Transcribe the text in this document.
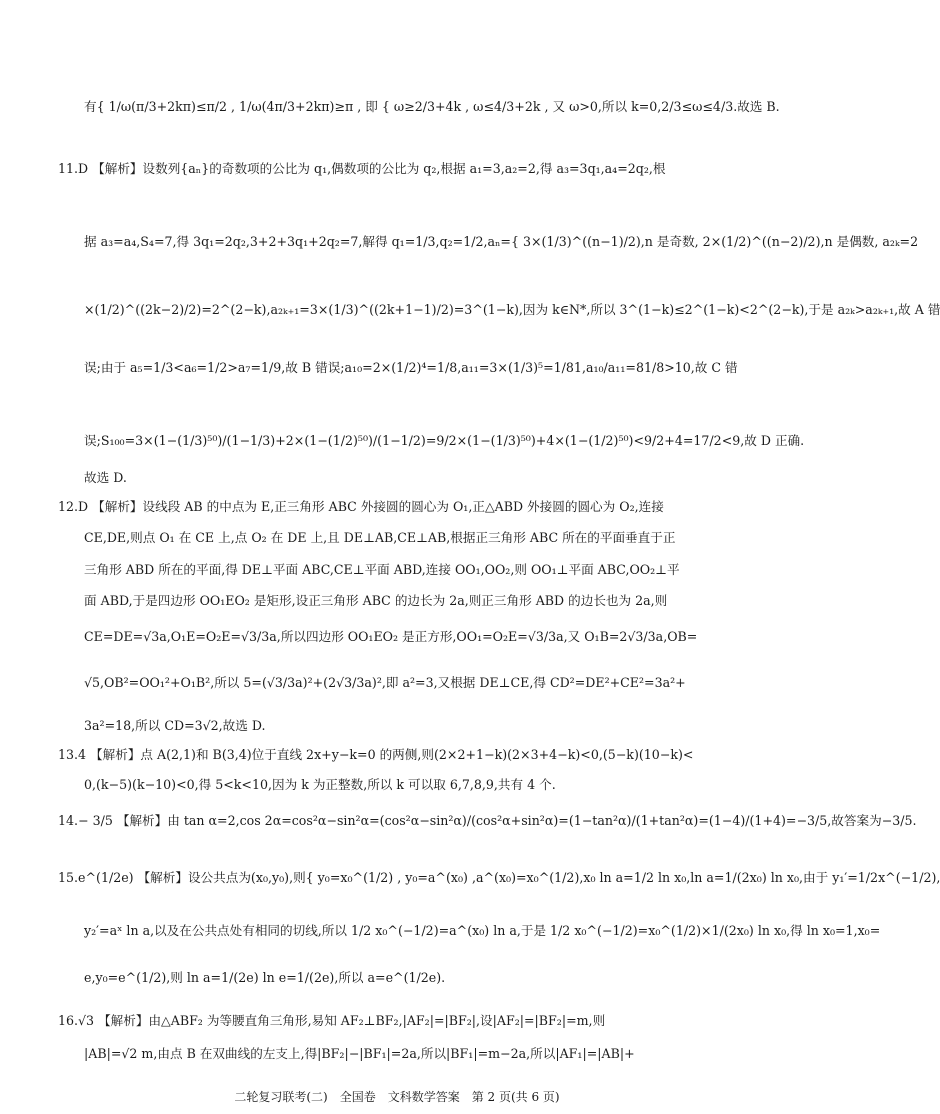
有{ 1/ω(π/3+2kπ)≤π/2 , 1/ω(4π/3+2kπ)≥π , 即 { ω≥2/3+4k , ω≤4/3+2k , 又 ω>0,所以 k=0,2/3≤ω≤4/3.故选 B.
11.D 【解析】设数列{aₙ}的奇数项的公比为 q₁,偶数项的公比为 q₂,根据 a₁=3,a₂=2,得 a₃=3q₁,a₄=2q₂,根
据 a₃=a₄,S₄=7,得 3q₁=2q₂,3+2+3q₁+2q₂=7,解得 q₁=1/3,q₂=1/2,aₙ={ 3×(1/3)^((n−1)/2),n 是奇数, 2×(1/2)^((n−2)/2),n 是偶数, a₂ₖ=2
×(1/2)^((2k−2)/2)=2^(2−k),a₂ₖ₊₁=3×(1/3)^((2k+1−1)/2)=3^(1−k),因为 k∈N*,所以 3^(1−k)≤2^(1−k)<2^(2−k),于是 a₂ₖ>a₂ₖ₊₁,故 A 错
误;由于 a₅=1/3<a₆=1/2>a₇=1/9,故 B 错误;a₁₀=2×(1/2)⁴=1/8,a₁₁=3×(1/3)⁵=1/81,a₁₀/a₁₁=81/8>10,故 C 错
误;S₁₀₀=3×(1−(1/3)⁵⁰)/(1−1/3)+2×(1−(1/2)⁵⁰)/(1−1/2)=9/2×(1−(1/3)⁵⁰)+4×(1−(1/2)⁵⁰)<9/2+4=17/2<9,故 D 正确.
故选 D.
12.D 【解析】设线段 AB 的中点为 E,正三角形 ABC 外接圆的圆心为 O₁,正△ABD 外接圆的圆心为 O₂,连接
CE,DE,则点 O₁ 在 CE 上,点 O₂ 在 DE 上,且 DE⊥AB,CE⊥AB,根据正三角形 ABC 所在的平面垂直于正
三角形 ABD 所在的平面,得 DE⊥平面 ABC,CE⊥平面 ABD,连接 OO₁,OO₂,则 OO₁⊥平面 ABC,OO₂⊥平
面 ABD,于是四边形 OO₁EO₂ 是矩形,设正三角形 ABC 的边长为 2a,则正三角形 ABD 的边长也为 2a,则
CE=DE=√3a,O₁E=O₂E=√3/3a,所以四边形 OO₁EO₂ 是正方形,OO₁=O₂E=√3/3a,又 O₁B=2√3/3a,OB=
√5,OB²=OO₁²+O₁B²,所以 5=(√3/3a)²+(2√3/3a)²,即 a²=3,又根据 DE⊥CE,得 CD²=DE²+CE²=3a²+
3a²=18,所以 CD=3√2,故选 D.
13.4 【解析】点 A(2,1)和 B(3,4)位于直线 2x+y−k=0 的两侧,则(2×2+1−k)(2×3+4−k)<0,(5−k)(10−k)<
0,(k−5)(k−10)<0,得 5<k<10,因为 k 为正整数,所以 k 可以取 6,7,8,9,共有 4 个.
14.− 3/5 【解析】由 tan α=2,cos 2α=cos²α−sin²α=(cos²α−sin²α)/(cos²α+sin²α)=(1−tan²α)/(1+tan²α)=(1−4)/(1+4)=−3/5,故答案为−3/5.
15.e^(1/2e) 【解析】设公共点为(x₀,y₀),则{ y₀=x₀^(1/2) , y₀=a^(x₀) ,a^(x₀)=x₀^(1/2),x₀ ln a=1/2 ln x₀,ln a=1/(2x₀) ln x₀,由于 y₁′=1/2x^(−1/2),
y₂′=aˣ ln a,以及在公共点处有相同的切线,所以 1/2 x₀^(−1/2)=a^(x₀) ln a,于是 1/2 x₀^(−1/2)=x₀^(1/2)×1/(2x₀) ln x₀,得 ln x₀=1,x₀=
e,y₀=e^(1/2),则 ln a=1/(2e) ln e=1/(2e),所以 a=e^(1/2e).
16.√3 【解析】由△ABF₂ 为等腰直角三角形,易知 AF₂⊥BF₂,|AF₂|=|BF₂|,设|AF₂|=|BF₂|=m,则
|AB|=√2 m,由点 B 在双曲线的左支上,得|BF₂|−|BF₁|=2a,所以|BF₁|=m−2a,所以|AF₁|=|AB|+
二轮复习联考(二)　全国卷　文科数学答案　第 2 页(共 6 页)
